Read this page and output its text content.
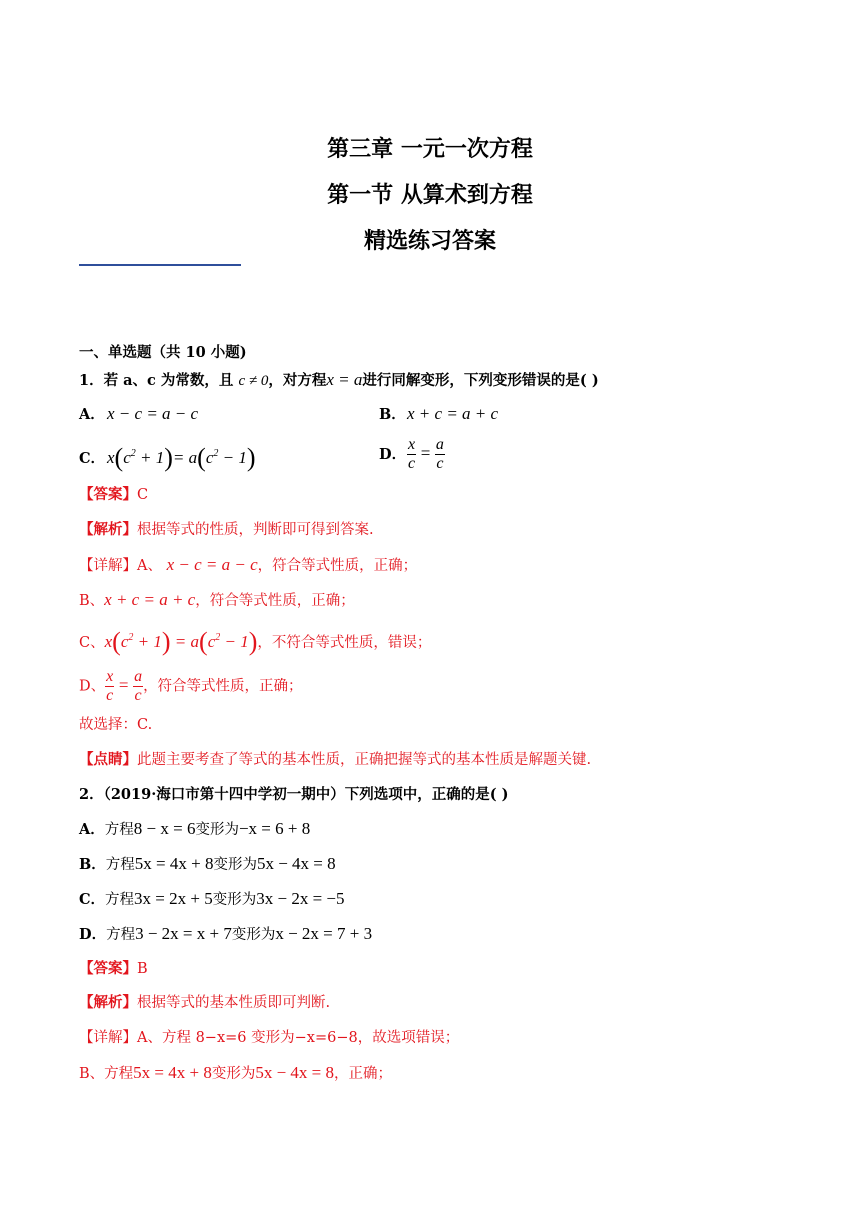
第三章 一元一次方程
第一节 从算术到方程
精选练习答案
一、单选题（共 10 小题)
1．若 a、c 为常数，且 c ≠ 0，对方程x = a进行同解变形，下列变形错误的是( )
A． x − c = a − c	B．x + c = a + c
C． $x(c^2 + 1)= a(c^2 - 1)$	D． $\frac{x}{c} = \frac{a}{c}$
【答案】C
【解析】根据等式的性质，判断即可得到答案.
【详解】A、 x − c = a − c，符合等式性质，正确；
B、x + c = a + c，符合等式性质，正确；
C、$x(c^2 + 1) = a(c^2 - 1)$，不符合等式性质，错误；
D、 $\frac{x}{c} = \frac{a}{c}$ ，符合等式性质，正确；
故选择：C.
【点睛】此题主要考查了等式的基本性质，正确把握等式的基本性质是解题关键.
2．（2019·海口市第十四中学初一期中）下列选项中，正确的是( )
A．方程8 − x = 6变形为−x = 6 + 8
B．方程5x = 4x + 8变形为5x − 4x = 8
C．方程3x = 2x + 5变形为3x − 2x = −5
D．方程3 − 2x = x + 7变形为x − 2x = 7 + 3
【答案】B
【解析】根据等式的基本性质即可判断.
【详解】A、方程 8−x=6 变形为−x=6−8，故选项错误；
B、方程5x = 4x + 8变形为5x − 4x = 8，正确；
